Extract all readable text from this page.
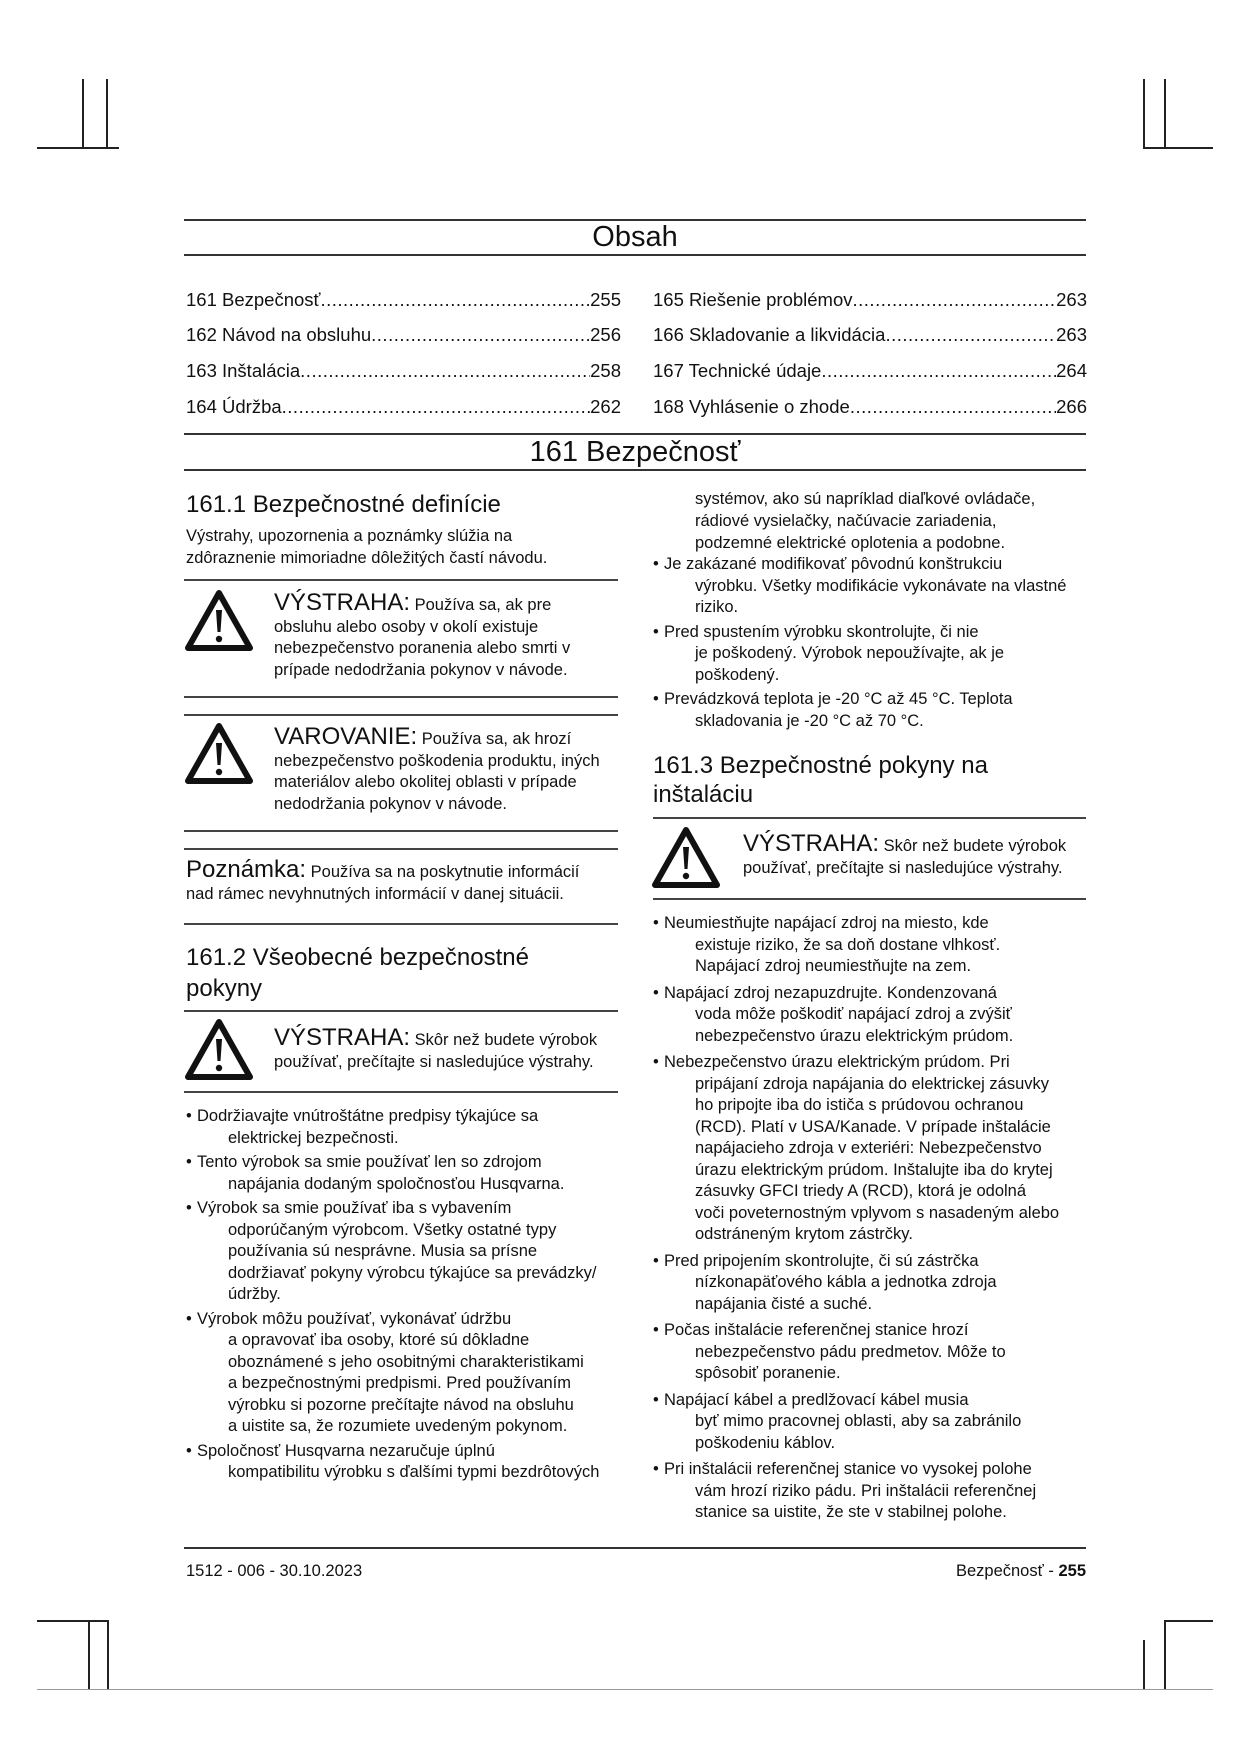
Obsah
161 Bezpečnosť .....	255
162 Návod na obsluhu .....	256
163 Inštalácia .....	258
164 Údržba .....	262
165 Riešenie problémov .....	263
166 Skladovanie a likvidácia .....	263
167 Technické údaje .....	264
168 Vyhlásenie o zhode .....	266
161 Bezpečnosť
161.1 Bezpečnostné definície
Výstrahy, upozornenia a poznámky slúžia na
zdôraznenie mimoriadne dôležitých častí návodu.
VÝSTRAHA: Používa sa, ak pre
obsluhu alebo osoby v okolí existuje
nebezpečenstvo poranenia alebo smrti v
prípade nedodržania pokynov v návode.
VAROVANIE: Používa sa, ak hrozí
nebezpečenstvo poškodenia produktu, iných
materiálov alebo okolitej oblasti v prípade
nedodržania pokynov v návode.
Poznámka: Používa sa na poskytnutie informácií
nad rámec nevyhnutných informácií v danej situácii.
161.2 Všeobecné bezpečnostné
pokyny
VÝSTRAHA: Skôr než budete výrobok
používať, prečítajte si nasledujúce výstrahy.
• Dodržiavajte vnútroštátne predpisy týkajúce sa
elektrickej bezpečnosti.
• Tento výrobok sa smie používať len so zdrojom
napájania dodaným spoločnosťou Husqvarna.
• Výrobok sa smie používať iba s vybavením
odporúčaným výrobcom. Všetky ostatné typy
používania sú nesprávne. Musia sa prísne
dodržiavať pokyny výrobcu týkajúce sa prevádzky/
údržby.
• Výrobok môžu používať, vykonávať údržbu
a opravovať iba osoby, ktoré sú dôkladne
oboznámené s jeho osobitnými charakteristikami
a bezpečnostnými predpismi. Pred používaním
výrobku si pozorne prečítajte návod na obsluhu
a uistite sa, že rozumiete uvedeným pokynom.
• Spoločnosť Husqvarna nezaručuje úplnú
kompatibilitu výrobku s ďalšími typmi bezdrôtových
systémov, ako sú napríklad diaľkové ovládače,
rádiové vysielačky, načúvacie zariadenia,
podzemné elektrické oplotenia a podobne.
• Je zakázané modifikovať pôvodnú konštrukciu
výrobku. Všetky modifikácie vykonávate na vlastné
riziko.
• Pred spustením výrobku skontrolujte, či nie
je poškodený. Výrobok nepoužívajte, ak je
poškodený.
• Prevádzková teplota je -20 °C až 45 °C. Teplota
skladovania je -20 °C až 70 °C.
161.3 Bezpečnostné pokyny na
inštaláciu
VÝSTRAHA: Skôr než budete výrobok
používať, prečítajte si nasledujúce výstrahy.
• Neumiestňujte napájací zdroj na miesto, kde
existuje riziko, že sa doň dostane vlhkosť.
Napájací zdroj neumiestňujte na zem.
• Napájací zdroj nezapuzdrujte. Kondenzovaná
voda môže poškodiť napájací zdroj a zvýšiť
nebezpečenstvo úrazu elektrickým prúdom.
• Nebezpečenstvo úrazu elektrickým prúdom. Pri
pripájaní zdroja napájania do elektrickej zásuvky
ho pripojte iba do ističa s prúdovou ochranou
(RCD). Platí v USA/Kanade. V prípade inštalácie
napájacieho zdroja v exteriéri: Nebezpečenstvo
úrazu elektrickým prúdom. Inštalujte iba do krytej
zásuvky GFCI triedy A (RCD), ktorá je odolná
voči poveternostným vplyvom s nasadeným alebo
odstráneným krytom zástrčky.
• Pred pripojením skontrolujte, či sú zástrčka
nízkonapäťového kábla a jednotka zdroja
napájania čisté a suché.
• Počas inštalácie referenčnej stanice hrozí
nebezpečenstvo pádu predmetov. Môže to
spôsobiť poranenie.
• Napájací kábel a predlžovací kábel musia
byť mimo pracovnej oblasti, aby sa zabránilo
poškodeniu káblov.
• Pri inštalácii referenčnej stanice vo vysokej polohe
vám hrozí riziko pádu. Pri inštalácii referenčnej
stanice sa uistite, že ste v stabilnej polohe.
1512 - 006 - 30.10.2023	Bezpečnosť - 255
